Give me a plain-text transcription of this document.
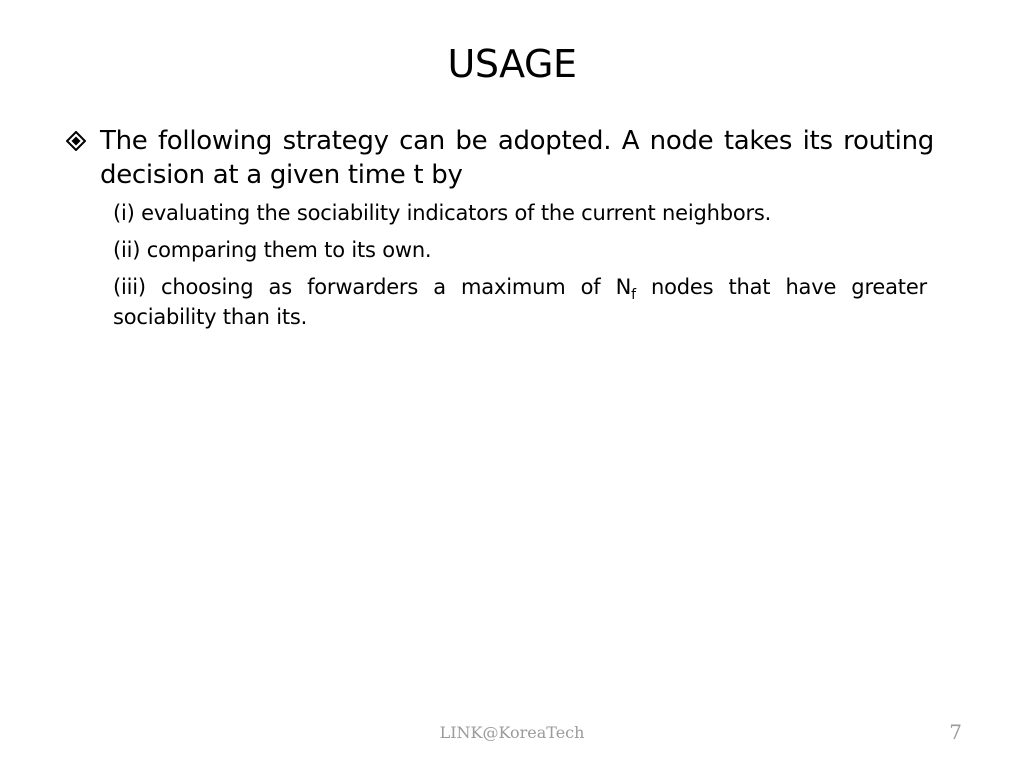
USAGE
The following strategy can be adopted. A node takes its routing decision at a given time t by
(i) evaluating the sociability indicators of the current neighbors.
(ii) comparing them to its own.
(iii) choosing as forwarders a maximum of $N_f$ nodes that have greater sociability than its.
LINK@KoreaTech	7
